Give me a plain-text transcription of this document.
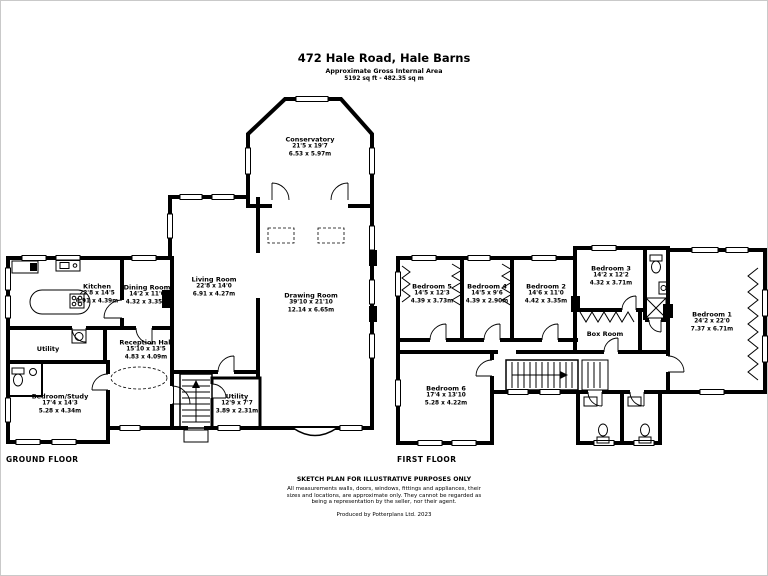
472 Hale Road, Hale Barns
Approximate Gross Internal Area
5192 sq ft - 482.35 sq m
Conservatory
21'5 x 19'7
6.53 x 5.97m
Living Room
22'8 x 14'0
6.91 x 4.27m	Drawing Room
39'10 x 21'10
12.14 x 6.65m
Kitchen
22'8 x 14'5
6.91 x 4.39m
Dining Room
14'2 x 11'0
4.32 x 3.35m
Reception Hall
15'10 x 13'5
4.83 x 4.09m
Utility
Bedroom/Study
17'4 x 14'3
5.28 x 4.34m
Utility
12'9 x 7'7
3.89 x 2.31m
Bedroom 5
14'5 x 12'3
4.39 x 3.73m
Bedroom 4
14'5 x 9'6
4.39 x 2.90m
Bedroom 2
14'6 x 11'0
4.42 x 3.35m
Bedroom 3
14'2 x 12'2
4.32 x 3.71m
Box Room
Bedroom 1
24'2 x 22'0
7.37 x 6.71m
Bedroom 6
17'4 x 13'10
5.28 x 4.22m
GROUND FLOOR	FIRST FLOOR
SKETCH PLAN FOR ILLUSTRATIVE PURPOSES ONLY
All measurements walls, doors, windows, fittings and appliances, their
sizes and locations, are approximate only. They cannot be regarded as
being a representation by the seller, nor their agent.
Produced by Potterplans Ltd. 2023
